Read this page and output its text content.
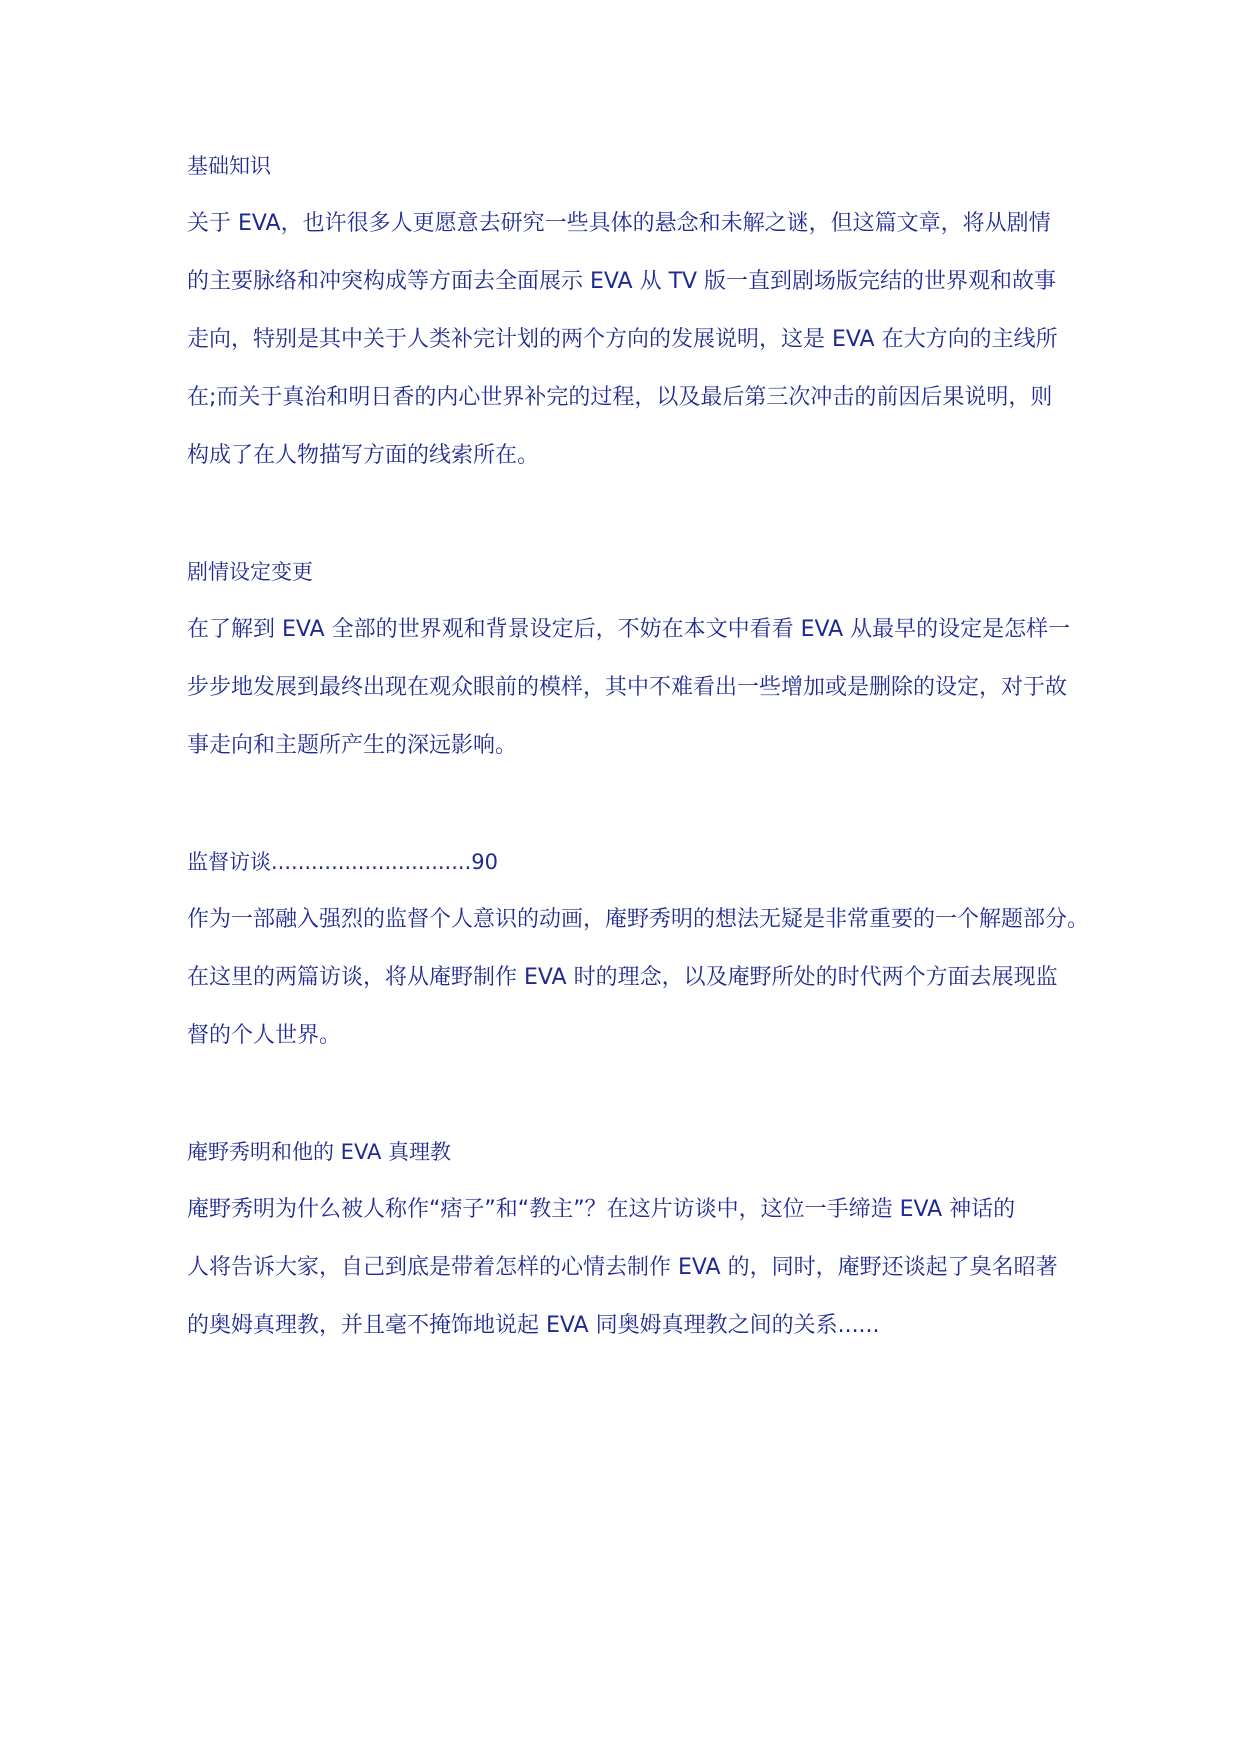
基础知识

关于 EVA，也许很多人更愿意去研究一些具体的悬念和未解之谜，但这篇文章，将从剧情

的主要脉络和冲突构成等方面去全面展示 EVA 从 TV 版一直到剧场版完结的世界观和故事

走向，特别是其中关于人类补完计划的两个方向的发展说明，这是 EVA 在大方向的主线所

在;而关于真治和明日香的内心世界补完的过程，以及最后第三次冲击的前因后果说明，则

构成了在人物描写方面的线索所在。

剧情设定变更

在了解到 EVA 全部的世界观和背景设定后，不妨在本文中看看 EVA 从最早的设定是怎样一

步步地发展到最终出现在观众眼前的模样，其中不难看出一些增加或是删除的设定，对于故

事走向和主题所产生的深远影响。

监督访谈..............................90

作为一部融入强烈的监督个人意识的动画，庵野秀明的想法无疑是非常重要的一个解题部分。

在这里的两篇访谈，将从庵野制作 EVA 时的理念，以及庵野所处的时代两个方面去展现监

督的个人世界。

庵野秀明和他的 EVA 真理教

庵野秀明为什么被人称作“痞子”和“教主”？在这片访谈中，这位一手缔造 EVA 神话的

人将告诉大家，自己到底是带着怎样的心情去制作 EVA 的，同时，庵野还谈起了臭名昭著

的奥姆真理教，并且毫不掩饰地说起 EVA 同奥姆真理教之间的关系......
